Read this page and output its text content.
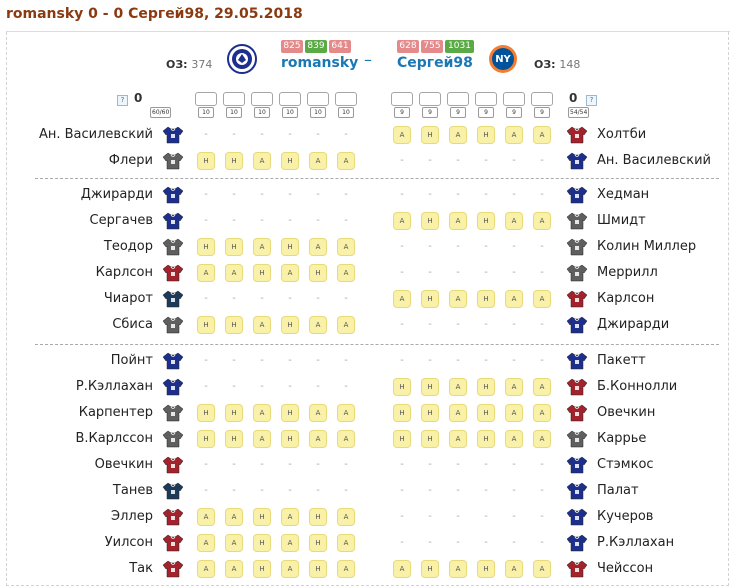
romansky 0 - 0 Сергей98, 29.05.2018
ОЗ: 374
825 839 641
romansky –
628 755 1031
Сергей98 NY ОЗ: 148
? 0
60/60
0	?
54/54
10	10	10	10	10	10	9	9	9	9	9	9
Ан. Василевский	-	-	-	-	-	-	А	Н	А	Н	А	А	Холтби
Флери	Н	Н	А	Н	А	А	-	-	-	-	-	-	Ан. Василевский
Джирарди	-	-	-	-	-	-	-	-	-	-	-	-	Хедман
Сергачев	-	-	-	-	-	-	А	Н	А	Н	А	А	Шмидт
Теодор	Н	Н	А	Н	А	А	-	-	-	-	-	-	Колин Миллер
Карлсон	А	А	Н	А	Н	А	-	-	-	-	-	-	Меррилл
Чиарот	-	-	-	-	-	-	А	Н	А	Н	А	А	Карлсон
Сбиса	Н	Н	А	Н	А	А	-	-	-	-	-	-	Джирарди
Пойнт	-	-	-	-	-	-	-	-	-	-	-	-	Пакетт
Р.Кэллахан	-	-	-	-	-	-	Н	Н	А	Н	А	А	Б.Коннолли
Карпентер	Н	Н	А	Н	А	А	Н	Н	А	Н	А	А	Овечкин
В.Карлссон	Н	Н	А	Н	А	А	Н	Н	А	Н	А	А	Каррье
Овечкин	-	-	-	-	-	-	-	-	-	-	-	-	Стэмкос
Танев	-	-	-	-	-	-	-	-	-	-	-	-	Палат
Эллер	А	А	Н	А	Н	А	-	-	-	-	-	-	Кучеров
Уилсон	А	А	Н	А	Н	А	-	-	-	-	-	-	Р.Кэллахан
Так	А	А	Н	А	Н	А	А	Н	А	Н	А	А	Чейссон
